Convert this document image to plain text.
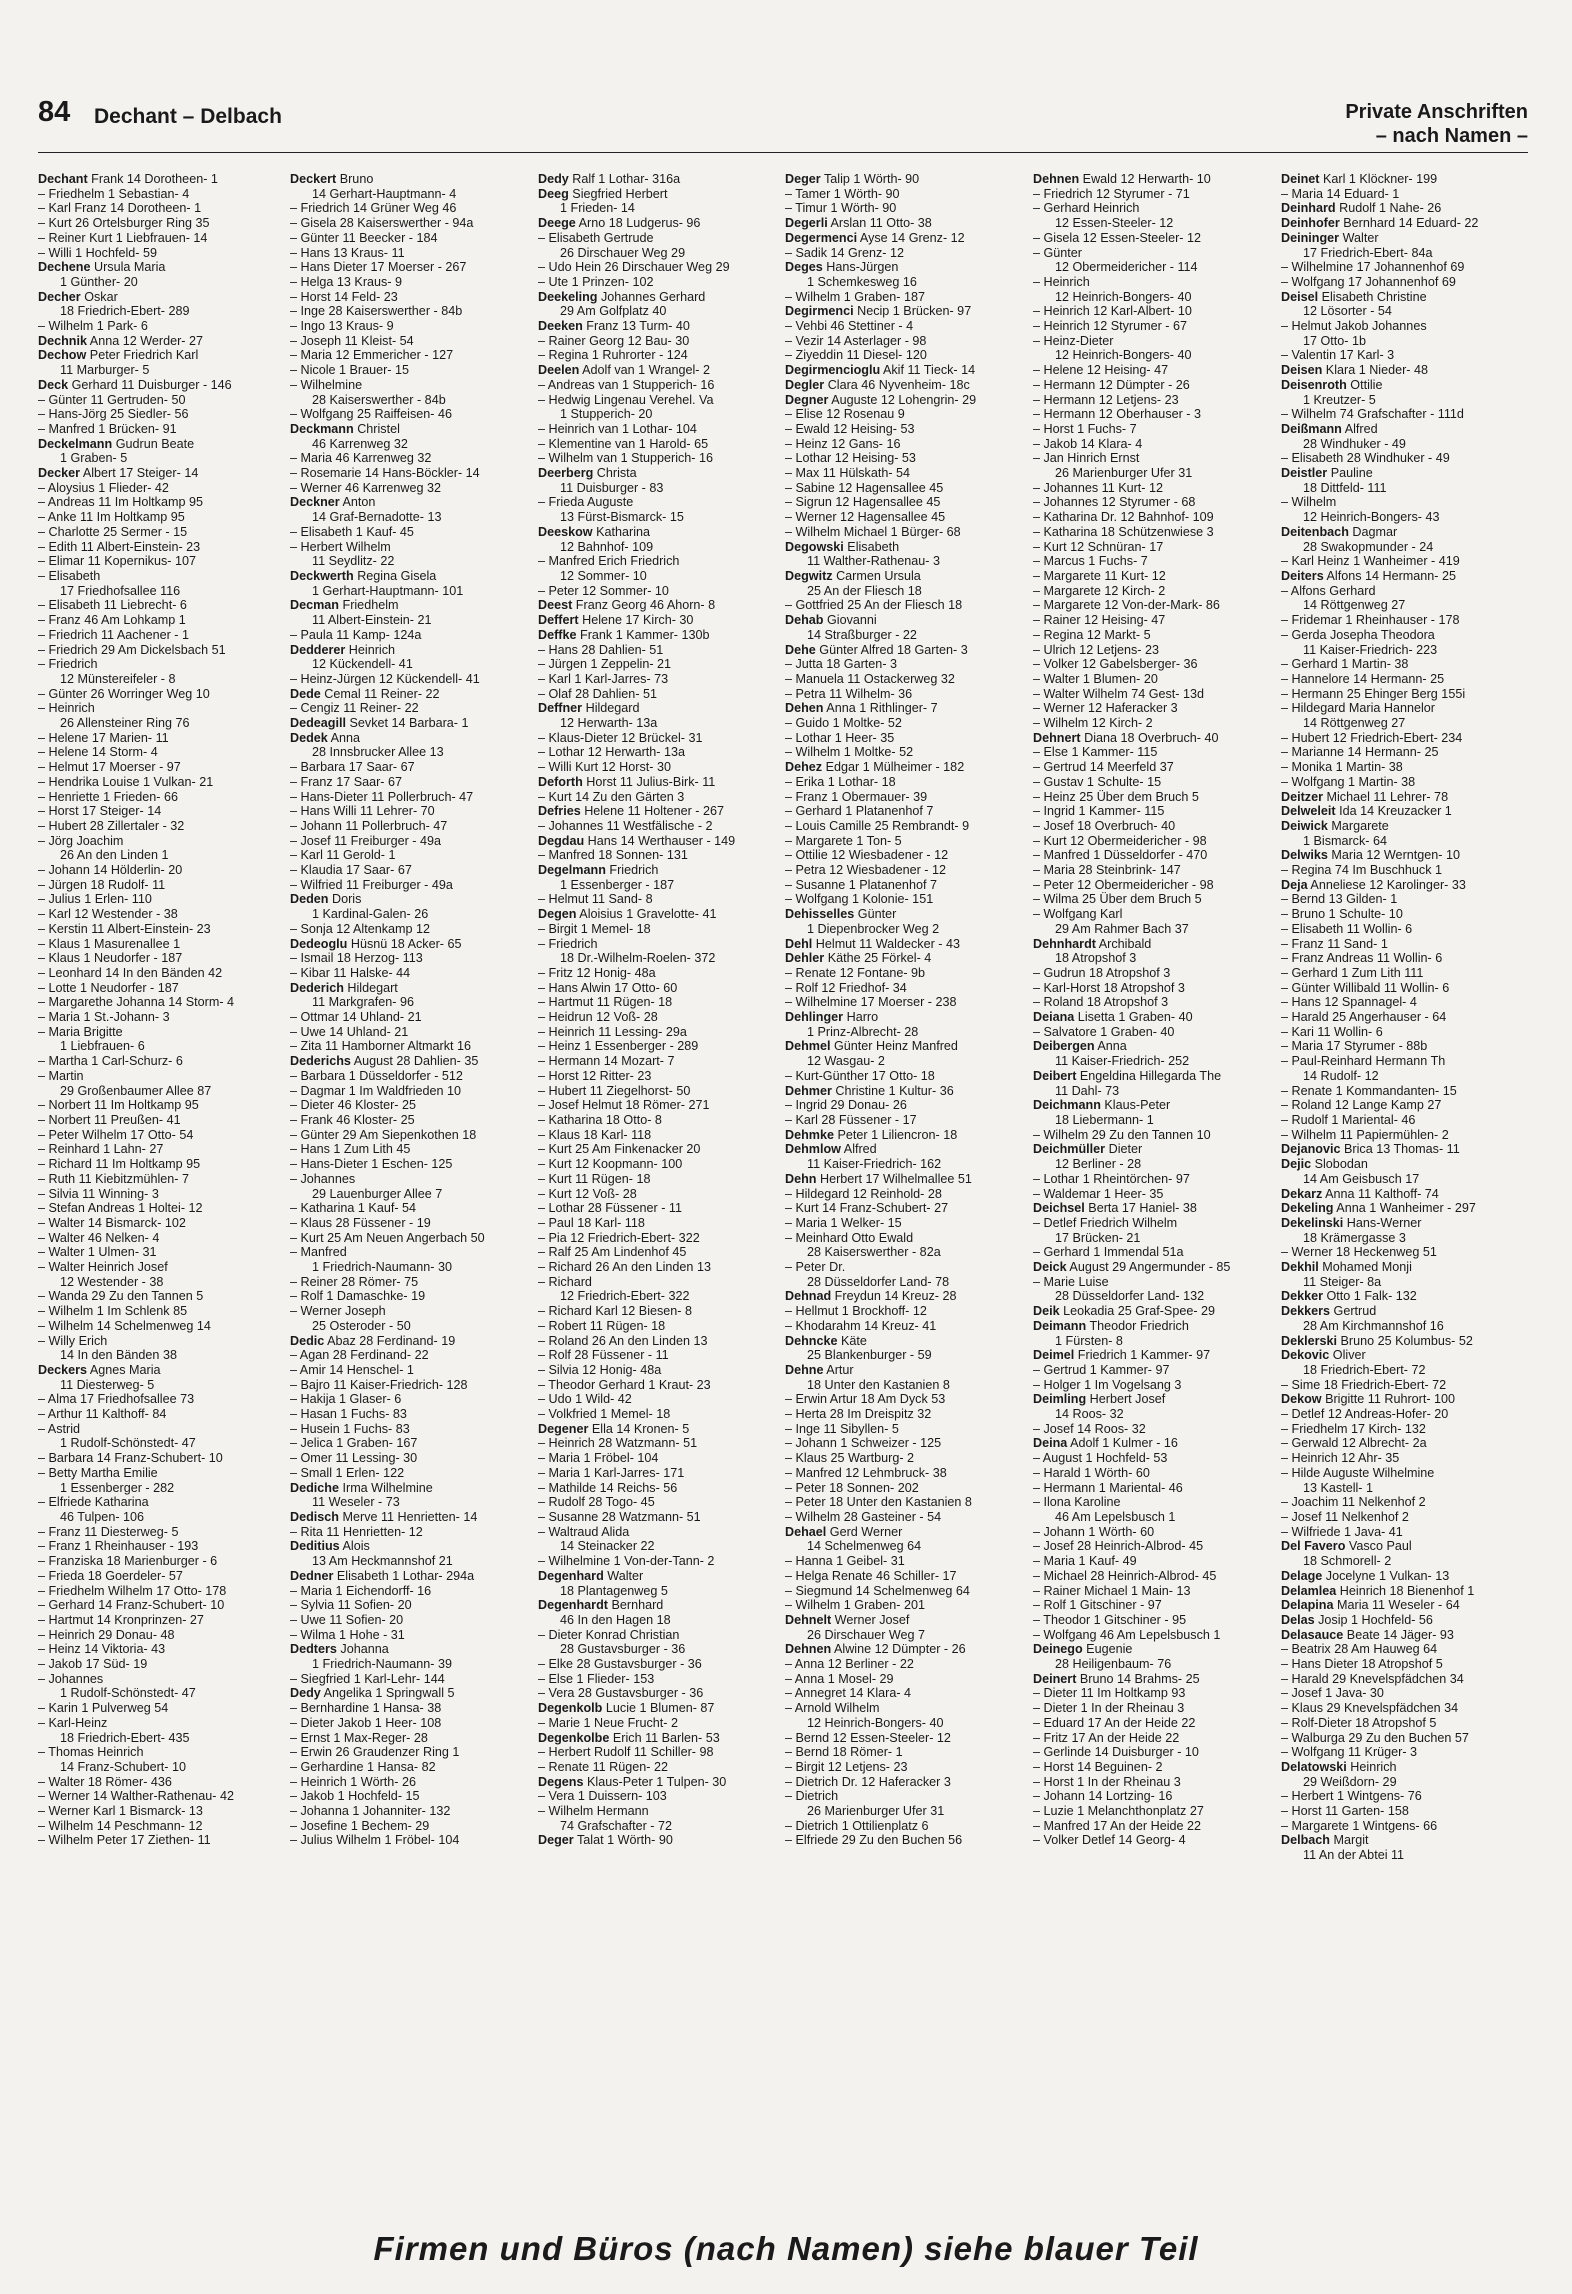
84 Dechant – Delbach	Private Anschriften
– nach Namen –
Dechant Frank 14 Dorotheen- 1
– Friedhelm 1 Sebastian- 4
– Karl Franz 14 Dorotheen- 1
– Kurt 26 Ortelsburger Ring 35
– Reiner Kurt 1 Liebfrauen- 14
– Willi 1 Hochfeld- 59
Dechene Ursula Maria
1 Günther- 20
Decher Oskar
18 Friedrich-Ebert- 289
– Wilhelm 1 Park- 6
Dechnik Anna 12 Werder- 27
Dechow Peter Friedrich Karl
11 Marburger- 5
Deck Gerhard 11 Duisburger - 146
– Günter 11 Gertruden- 50
– Hans-Jörg 25 Siedler- 56
– Manfred 1 Brücken- 91
Deckelmann Gudrun Beate
1 Graben- 5
Decker Albert 17 Steiger- 14
– Aloysius 1 Flieder- 42
– Andreas 11 Im Holtkamp 95
– Anke 11 Im Holtkamp 95
– Charlotte 25 Sermer - 15
– Edith 11 Albert-Einstein- 23
– Elimar 11 Kopernikus- 107
– Elisabeth
17 Friedhofsallee 116
– Elisabeth 11 Liebrecht- 6
– Franz 46 Am Lohkamp 1
– Friedrich 11 Aachener - 1
– Friedrich 29 Am Dickelsbach 51
– Friedrich
12 Münstereifeler - 8
– Günter 26 Worringer Weg 10
– Heinrich
26 Allensteiner Ring 76
– Helene 17 Marien- 11
– Helene 14 Storm- 4
– Helmut 17 Moerser - 97
– Hendrika Louise 1 Vulkan- 21
– Henriette 1 Frieden- 66
– Horst 17 Steiger- 14
– Hubert 28 Zillertaler - 32
– Jörg Joachim
26 An den Linden 1
– Johann 14 Hölderlin- 20
– Jürgen 18 Rudolf- 11
– Julius 1 Erlen- 110
– Karl 12 Westender - 38
– Kerstin 11 Albert-Einstein- 23
– Klaus 1 Masurenallee 1
– Klaus 1 Neudorfer - 187
– Leonhard 14 In den Bänden 42
– Lotte 1 Neudorfer - 187
– Margarethe Johanna 14 Storm- 4
– Maria 1 St.-Johann- 3
– Maria Brigitte
1 Liebfrauen- 6
– Martha 1 Carl-Schurz- 6
– Martin
29 Großenbaumer Allee 87
– Norbert 11 Im Holtkamp 95
– Norbert 11 Preußen- 41
– Peter Wilhelm 17 Otto- 54
– Reinhard 1 Lahn- 27
– Richard 11 Im Holtkamp 95
– Ruth 11 Kiebitzmühlen- 7
– Silvia 11 Winning- 3
– Stefan Andreas 1 Holtei- 12
– Walter 14 Bismarck- 102
– Walter 46 Nelken- 4
– Walter 1 Ulmen- 31
– Walter Heinrich Josef
12 Westender - 38
– Wanda 29 Zu den Tannen 5
– Wilhelm 1 Im Schlenk 85
– Wilhelm 14 Schelmenweg 14
– Willy Erich
14 In den Bänden 38
Deckers Agnes Maria
11 Diesterweg- 5
– Alma 17 Friedhofsallee 73
– Arthur 11 Kalthoff- 84
– Astrid
1 Rudolf-Schönstedt- 47
– Barbara 14 Franz-Schubert- 10
– Betty Martha Emilie
1 Essenberger - 282
– Elfriede Katharina
46 Tulpen- 106
– Franz 11 Diesterweg- 5
– Franz 1 Rheinhauser - 193
– Franziska 18 Marienburger - 6
– Frieda 18 Goerdeler- 57
– Friedhelm Wilhelm 17 Otto- 178
– Gerhard 14 Franz-Schubert- 10
– Hartmut 14 Kronprinzen- 27
– Heinrich 29 Donau- 48
– Heinz 14 Viktoria- 43
– Jakob 17 Süd- 19
– Johannes
1 Rudolf-Schönstedt- 47
– Karin 1 Pulverweg 54
– Karl-Heinz
18 Friedrich-Ebert- 435
– Thomas Heinrich
14 Franz-Schubert- 10
– Walter 18 Römer- 436
– Werner 14 Walther-Rathenau- 42
– Werner Karl 1 Bismarck- 13
– Wilhelm 14 Peschmann- 12
– Wilhelm Peter 17 Ziethen- 11
Deckert Bruno
14 Gerhart-Hauptmann- 4
– Friedrich 14 Grüner Weg 46
– Gisela 28 Kaiserswerther - 94a
– Günter 11 Beecker - 184
– Hans 13 Kraus- 11
– Hans Dieter 17 Moerser - 267
– Helga 13 Kraus- 9
– Horst 14 Feld- 23
– Inge 28 Kaiserswerther - 84b
– Ingo 13 Kraus- 9
– Joseph 11 Kleist- 54
– Maria 12 Emmericher - 127
– Nicole 1 Brauer- 15
– Wilhelmine
28 Kaiserswerther - 84b
– Wolfgang 25 Raiffeisen- 46
Deckmann Christel
46 Karrenweg 32
– Maria 46 Karrenweg 32
– Rosemarie 14 Hans-Böckler- 14
– Werner 46 Karrenweg 32
Deckner Anton
14 Graf-Bernadotte- 13
– Elisabeth 1 Kauf- 45
– Herbert Wilhelm
11 Seydlitz- 22
Deckwerth Regina Gisela
1 Gerhart-Hauptmann- 101
Decman Friedhelm
11 Albert-Einstein- 21
– Paula 11 Kamp- 124a
Dedderer Heinrich
12 Kückendell- 41
– Heinz-Jürgen 12 Kückendell- 41
Dede Cemal 11 Reiner- 22
– Cengiz 11 Reiner- 22
Dedeagill Sevket 14 Barbara- 1
Dedek Anna
28 Innsbrucker Allee 13
– Barbara 17 Saar- 67
– Franz 17 Saar- 67
– Hans-Dieter 11 Pollerbruch- 47
– Hans Willi 11 Lehrer- 70
– Johann 11 Pollerbruch- 47
– Josef 11 Freiburger - 49a
– Karl 11 Gerold- 1
– Klaudia 17 Saar- 67
– Wilfried 11 Freiburger - 49a
Deden Doris
1 Kardinal-Galen- 26
– Sonja 12 Altenkamp 12
Dedeoglu Hüsnü 18 Acker- 65
– Ismail 18 Herzog- 113
– Kibar 11 Halske- 44
Dederich Hildegart
11 Markgrafen- 96
– Ottmar 14 Uhland- 21
– Uwe 14 Uhland- 21
– Zita 11 Hamborner Altmarkt 16
Dederichs August 28 Dahlien- 35
– Barbara 1 Düsseldorfer - 512
– Dagmar 1 Im Waldfrieden 10
– Dieter 46 Kloster- 25
– Frank 46 Kloster- 25
– Günter 29 Am Siepenkothen 18
– Hans 1 Zum Lith 45
– Hans-Dieter 1 Eschen- 125
– Johannes
29 Lauenburger Allee 7
– Katharina 1 Kauf- 54
– Klaus 28 Füssener - 19
– Kurt 25 Am Neuen Angerbach 50
– Manfred
1 Friedrich-Naumann- 30
– Reiner 28 Römer- 75
– Rolf 1 Damaschke- 19
– Werner Joseph
25 Osteroder - 50
Dedic Abaz 28 Ferdinand- 19
– Agan 28 Ferdinand- 22
– Amir 14 Henschel- 1
– Bajro 11 Kaiser-Friedrich- 128
– Hakija 1 Glaser- 6
– Hasan 1 Fuchs- 83
– Husein 1 Fuchs- 83
– Jelica 1 Graben- 167
– Omer 11 Lessing- 30
– Small 1 Erlen- 122
Dediche Irma Wilhelmine
11 Weseler - 73
Dedisch Merve 11 Henrietten- 14
– Rita 11 Henrietten- 12
Deditius Alois
13 Am Heckmannshof 21
Dedner Elisabeth 1 Lothar- 294a
– Maria 1 Eichendorff- 16
– Sylvia 11 Sofien- 20
– Uwe 11 Sofien- 20
– Wilma 1 Hohe - 31
Dedters Johanna
1 Friedrich-Naumann- 39
– Siegfried 1 Karl-Lehr- 144
Dedy Angelika 1 Springwall 5
– Bernhardine 1 Hansa- 38
– Dieter Jakob 1 Heer- 108
– Ernst 1 Max-Reger- 28
– Erwin 26 Graudenzer Ring 1
– Gerhardine 1 Hansa- 82
– Heinrich 1 Wörth- 26
– Jakob 1 Hochfeld- 15
– Johanna 1 Johanniter- 132
– Josefine 1 Bechem- 29
– Julius Wilhelm 1 Fröbel- 104
Dedy Ralf 1 Lothar- 316a
Deeg Siegfried Herbert
1 Frieden- 14
Deege Arno 18 Ludgerus- 96
– Elisabeth Gertrude
26 Dirschauer Weg 29
– Udo Hein 26 Dirschauer Weg 29
– Ute 1 Prinzen- 102
Deekeling Johannes Gerhard
29 Am Golfplatz 40
Deeken Franz 13 Turm- 40
– Rainer Georg 12 Bau- 30
– Regina 1 Ruhrorter - 124
Deelen Adolf van 1 Wrangel- 2
– Andreas van 1 Stupperich- 16
– Hedwig Lingenau Verehel. Va
1 Stupperich- 20
– Heinrich van 1 Lothar- 104
– Klementine van 1 Harold- 65
– Wilhelm van 1 Stupperich- 16
Deerberg Christa
11 Duisburger - 83
– Frieda Auguste
13 Fürst-Bismarck- 15
Deeskow Katharina
12 Bahnhof- 109
– Manfred Erich Friedrich
12 Sommer- 10
– Peter 12 Sommer- 10
Deest Franz Georg 46 Ahorn- 8
Deffert Helene 17 Kirch- 30
Deffke Frank 1 Kammer- 130b
– Hans 28 Dahlien- 51
– Jürgen 1 Zeppelin- 21
– Karl 1 Karl-Jarres- 73
– Olaf 28 Dahlien- 51
Deffner Hildegard
12 Herwarth- 13a
– Klaus-Dieter 12 Brückel- 31
– Lothar 12 Herwarth- 13a
– Willi Kurt 12 Horst- 30
Deforth Horst 11 Julius-Birk- 11
– Kurt 14 Zu den Gärten 3
Defries Helene 11 Holtener - 267
– Johannes 11 Westfälische - 2
Degdau Hans 14 Werthauser - 149
– Manfred 18 Sonnen- 131
Degelmann Friedrich
1 Essenberger - 187
– Helmut 11 Sand- 8
Degen Aloisius 1 Gravelotte- 41
– Birgit 1 Memel- 18
– Friedrich
18 Dr.-Wilhelm-Roelen- 372
– Fritz 12 Honig- 48a
– Hans Alwin 17 Otto- 60
– Hartmut 11 Rügen- 18
– Heidrun 12 Voß- 28
– Heinrich 11 Lessing- 29a
– Heinz 1 Essenberger - 289
– Hermann 14 Mozart- 7
– Horst 12 Ritter- 23
– Hubert 11 Ziegelhorst- 50
– Josef Helmut 18 Römer- 271
– Katharina 18 Otto- 8
– Klaus 18 Karl- 118
– Kurt 25 Am Finkenacker 20
– Kurt 12 Koopmann- 100
– Kurt 11 Rügen- 18
– Kurt 12 Voß- 28
– Lothar 28 Füssener - 11
– Paul 18 Karl- 118
– Pia 12 Friedrich-Ebert- 322
– Ralf 25 Am Lindenhof 45
– Richard 26 An den Linden 13
– Richard
12 Friedrich-Ebert- 322
– Richard Karl 12 Biesen- 8
– Robert 11 Rügen- 18
– Roland 26 An den Linden 13
– Rolf 28 Füssener - 11
– Silvia 12 Honig- 48a
– Theodor Gerhard 1 Kraut- 23
– Udo 1 Wild- 42
– Volkfried 1 Memel- 18
Degener Ella 14 Kronen- 5
– Heinrich 28 Watzmann- 51
– Maria 1 Fröbel- 104
– Maria 1 Karl-Jarres- 171
– Mathilde 14 Reichs- 56
– Rudolf 28 Togo- 45
– Susanne 28 Watzmann- 51
– Waltraud Alida
14 Steinacker 22
– Wilhelmine 1 Von-der-Tann- 2
Degenhard Walter
18 Plantagenweg 5
Degenhardt Bernhard
46 In den Hagen 18
– Dieter Konrad Christian
28 Gustavsburger - 36
– Elke 28 Gustavsburger - 36
– Else 1 Flieder- 153
– Vera 28 Gustavsburger - 36
Degenkolb Lucie 1 Blumen- 87
– Marie 1 Neue Frucht- 2
Degenkolbe Erich 11 Barlen- 53
– Herbert Rudolf 11 Schiller- 98
– Renate 11 Rügen- 22
Degens Klaus-Peter 1 Tulpen- 30
– Vera 1 Duissern- 103
– Wilhelm Hermann
74 Grafschafter - 72
Deger Talat 1 Wörth- 90
Deger Talip 1 Wörth- 90
– Tamer 1 Wörth- 90
– Timur 1 Wörth- 90
Degerli Arslan 11 Otto- 38
Degermenci Ayse 14 Grenz- 12
– Sadik 14 Grenz- 12
Deges Hans-Jürgen
1 Schemkesweg 16
– Wilhelm 1 Graben- 187
Degirmenci Necip 1 Brücken- 97
– Vehbi 46 Stettiner - 4
– Vezir 14 Asterlager - 98
– Ziyeddin 11 Diesel- 120
Degirmencioglu Akif 11 Tieck- 14
Degler Clara 46 Nyvenheim- 18c
Degner Auguste 12 Lohengrin- 29
– Elise 12 Rosenau 9
– Ewald 12 Heising- 53
– Heinz 12 Gans- 16
– Lothar 12 Heising- 53
– Max 11 Hülskath- 54
– Sabine 12 Hagensallee 45
– Sigrun 12 Hagensallee 45
– Werner 12 Hagensallee 45
– Wilhelm Michael 1 Bürger- 68
Degowski Elisabeth
11 Walther-Rathenau- 3
Degwitz Carmen Ursula
25 An der Fliesch 18
– Gottfried 25 An der Fliesch 18
Dehab Giovanni
14 Straßburger - 22
Dehe Günter Alfred 18 Garten- 3
– Jutta 18 Garten- 3
– Manuela 11 Ostackerweg 32
– Petra 11 Wilhelm- 36
Dehen Anna 1 Rithlinger- 7
– Guido 1 Moltke- 52
– Lothar 1 Heer- 35
– Wilhelm 1 Moltke- 52
Dehez Edgar 1 Mülheimer - 182
– Erika 1 Lothar- 18
– Franz 1 Obermauer- 39
– Gerhard 1 Platanenhof 7
– Louis Camille 25 Rembrandt- 9
– Margarete 1 Ton- 5
– Ottilie 12 Wiesbadener - 12
– Petra 12 Wiesbadener - 12
– Susanne 1 Platanenhof 7
– Wolfgang 1 Kolonie- 151
Dehisselles Günter
1 Diepenbrocker Weg 2
Dehl Helmut 11 Waldecker - 43
Dehler Käthe 25 Förkel- 4
– Renate 12 Fontane- 9b
– Rolf 12 Friedhof- 34
– Wilhelmine 17 Moerser - 238
Dehlinger Harro
1 Prinz-Albrecht- 28
Dehmel Günter Heinz Manfred
12 Wasgau- 2
– Kurt-Günther 17 Otto- 18
Dehmer Christine 1 Kultur- 36
– Ingrid 29 Donau- 26
– Karl 28 Füssener - 17
Dehmke Peter 1 Liliencron- 18
Dehmlow Alfred
11 Kaiser-Friedrich- 162
Dehn Herbert 17 Wilhelmallee 51
– Hildegard 12 Reinhold- 28
– Kurt 14 Franz-Schubert- 27
– Maria 1 Welker- 15
– Meinhard Otto Ewald
28 Kaiserswerther - 82a
– Peter Dr.
28 Düsseldorfer Land- 78
Dehnad Freydun 14 Kreuz- 28
– Hellmut 1 Brockhoff- 12
– Khodarahm 14 Kreuz- 41
Dehncke Käte
25 Blankenburger - 59
Dehne Artur
18 Unter den Kastanien 8
– Erwin Artur 18 Am Dyck 53
– Herta 28 Im Dreispitz 32
– Inge 11 Sibyllen- 5
– Johann 1 Schweizer - 125
– Klaus 25 Wartburg- 2
– Manfred 12 Lehmbruck- 38
– Peter 18 Sonnen- 202
– Peter 18 Unter den Kastanien 8
– Wilhelm 28 Gasteiner - 54
Dehael Gerd Werner
14 Schelmenweg 64
– Hanna 1 Geibel- 31
– Helga Renate 46 Schiller- 17
– Siegmund 14 Schelmenweg 64
– Wilhelm 1 Graben- 201
Dehnelt Werner Josef
26 Dirschauer Weg 7
Dehnen Alwine 12 Dümpter - 26
– Anna 12 Berliner - 22
– Anna 1 Mosel- 29
– Annegret 14 Klara- 4
– Arnold Wilhelm
12 Heinrich-Bongers- 40
– Bernd 12 Essen-Steeler- 12
– Bernd 18 Römer- 1
– Birgit 12 Letjens- 23
– Dietrich Dr. 12 Haferacker 3
– Dietrich
26 Marienburger Ufer 31
– Dietrich 1 Ottilienplatz 6
– Elfriede 29 Zu den Buchen 56
Dehnen Ewald 12 Herwarth- 10
– Friedrich 12 Styrumer - 71
– Gerhard Heinrich
12 Essen-Steeler- 12
– Gisela 12 Essen-Steeler- 12
– Günter
12 Obermeidericher - 114
– Heinrich
12 Heinrich-Bongers- 40
– Heinrich 12 Karl-Albert- 10
– Heinrich 12 Styrumer - 67
– Heinz-Dieter
12 Heinrich-Bongers- 40
– Helene 12 Heising- 47
– Hermann 12 Dümpter - 26
– Hermann 12 Letjens- 23
– Hermann 12 Oberhauser - 3
– Horst 1 Fuchs- 7
– Jakob 14 Klara- 4
– Jan Hinrich Ernst
26 Marienburger Ufer 31
– Johannes 11 Kurt- 12
– Johannes 12 Styrumer - 68
– Katharina Dr. 12 Bahnhof- 109
– Katharina 18 Schützenwiese 3
– Kurt 12 Schnüran- 17
– Marcus 1 Fuchs- 7
– Margarete 11 Kurt- 12
– Margarete 12 Kirch- 2
– Margarete 12 Von-der-Mark- 86
– Rainer 12 Heising- 47
– Regina 12 Markt- 5
– Ulrich 12 Letjens- 23
– Volker 12 Gabelsberger- 36
– Walter 1 Blumen- 20
– Walter Wilhelm 74 Gest- 13d
– Werner 12 Haferacker 3
– Wilhelm 12 Kirch- 2
Dehnert Diana 18 Overbruch- 40
– Else 1 Kammer- 115
– Gertrud 14 Meerfeld 37
– Gustav 1 Schulte- 15
– Heinz 25 Über dem Bruch 5
– Ingrid 1 Kammer- 115
– Josef 18 Overbruch- 40
– Kurt 12 Obermeidericher - 98
– Manfred 1 Düsseldorfer - 470
– Maria 28 Steinbrink- 147
– Peter 12 Obermeidericher - 98
– Wilma 25 Über dem Bruch 5
– Wolfgang Karl
29 Am Rahmer Bach 37
Dehnhardt Archibald
18 Atropshof 3
– Gudrun 18 Atropshof 3
– Karl-Horst 18 Atropshof 3
– Roland 18 Atropshof 3
Deiana Lisetta 1 Graben- 40
– Salvatore 1 Graben- 40
Deibergen Anna
11 Kaiser-Friedrich- 252
Deibert Engeldina Hillegarda The
11 Dahl- 73
Deichmann Klaus-Peter
18 Liebermann- 1
– Wilhelm 29 Zu den Tannen 10
Deichmüller Dieter
12 Berliner - 28
– Lothar 1 Rheintörchen- 97
– Waldemar 1 Heer- 35
Deichsel Berta 17 Haniel- 38
– Detlef Friedrich Wilhelm
17 Brücken- 21
– Gerhard 1 Immendal 51a
Deick August 29 Angermunder - 85
– Marie Luise
28 Düsseldorfer Land- 132
Deik Leokadia 25 Graf-Spee- 29
Deimann Theodor Friedrich
1 Fürsten- 8
Deimel Friedrich 1 Kammer- 97
– Gertrud 1 Kammer- 97
– Holger 1 Im Vogelsang 3
Deimling Herbert Josef
14 Roos- 32
– Josef 14 Roos- 32
Deina Adolf 1 Kulmer - 16
– August 1 Hochfeld- 53
– Harald 1 Wörth- 60
– Hermann 1 Mariental- 46
– Ilona Karoline
46 Am Lepelsbusch 1
– Johann 1 Wörth- 60
– Josef 28 Heinrich-Albrod- 45
– Maria 1 Kauf- 49
– Michael 28 Heinrich-Albrod- 45
– Rainer Michael 1 Main- 13
– Rolf 1 Gitschiner - 97
– Theodor 1 Gitschiner - 95
– Wolfgang 46 Am Lepelsbusch 1
Deinego Eugenie
28 Heiligenbaum- 76
Deinert Bruno 14 Brahms- 25
– Dieter 11 Im Holtkamp 93
– Dieter 1 In der Rheinau 3
– Eduard 17 An der Heide 22
– Fritz 17 An der Heide 22
– Gerlinde 14 Duisburger - 10
– Horst 14 Beguinen- 2
– Horst 1 In der Rheinau 3
– Johann 14 Lortzing- 16
– Luzie 1 Melanchthonplatz 27
– Manfred 17 An der Heide 22
– Volker Detlef 14 Georg- 4
Deinet Karl 1 Klöckner- 199
– Maria 14 Eduard- 1
Deinhard Rudolf 1 Nahe- 26
Deinhofer Bernhard 14 Eduard- 22
Deininger Walter
17 Friedrich-Ebert- 84a
– Wilhelmine 17 Johannenhof 69
– Wolfgang 17 Johannenhof 69
Deisel Elisabeth Christine
12 Lösorter - 54
– Helmut Jakob Johannes
17 Otto- 1b
– Valentin 17 Karl- 3
Deisen Klara 1 Nieder- 48
Deisenroth Ottilie
1 Kreutzer- 5
– Wilhelm 74 Grafschafter - 111d
Deißmann Alfred
28 Windhuker - 49
– Elisabeth 28 Windhuker - 49
Deistler Pauline
18 Dittfeld- 111
– Wilhelm
12 Heinrich-Bongers- 43
Deitenbach Dagmar
28 Swakopmunder - 24
– Karl Heinz 1 Wanheimer - 419
Deiters Alfons 14 Hermann- 25
– Alfons Gerhard
14 Röttgenweg 27
– Fridemar 1 Rheinhauser - 178
– Gerda Josepha Theodora
11 Kaiser-Friedrich- 223
– Gerhard 1 Martin- 38
– Hannelore 14 Hermann- 25
– Hermann 25 Ehinger Berg 155i
– Hildegard Maria Hannelor
14 Röttgenweg 27
– Hubert 12 Friedrich-Ebert- 234
– Marianne 14 Hermann- 25
– Monika 1 Martin- 38
– Wolfgang 1 Martin- 38
Deitzer Michael 11 Lehrer- 78
Delweleit Ida 14 Kreuzacker 1
Deiwick Margarete
1 Bismarck- 64
Delwiks Maria 12 Werntgen- 10
– Regina 74 Im Buschhuck 1
Deja Anneliese 12 Karolinger- 33
– Bernd 13 Gilden- 1
– Bruno 1 Schulte- 10
– Elisabeth 11 Wollin- 6
– Franz 11 Sand- 1
– Franz Andreas 11 Wollin- 6
– Gerhard 1 Zum Lith 111
– Günter Willibald 11 Wollin- 6
– Hans 12 Spannagel- 4
– Harald 25 Angerhauser - 64
– Kari 11 Wollin- 6
– Maria 17 Styrumer - 88b
– Paul-Reinhard Hermann Th
14 Rudolf- 12
– Renate 1 Kommandanten- 15
– Roland 12 Lange Kamp 27
– Rudolf 1 Mariental- 46
– Wilhelm 11 Papiermühlen- 2
Dejanovic Brica 13 Thomas- 11
Dejic Slobodan
14 Am Geisbusch 17
Dekarz Anna 11 Kalthoff- 74
Dekeling Anna 1 Wanheimer - 297
Dekelinski Hans-Werner
18 Krämergasse 3
– Werner 18 Heckenweg 51
Dekhil Mohamed Monji
11 Steiger- 8a
Dekker Otto 1 Falk- 132
Dekkers Gertrud
28 Am Kirchmannshof 16
Deklerski Bruno 25 Kolumbus- 52
Dekovic Oliver
18 Friedrich-Ebert- 72
– Sime 18 Friedrich-Ebert- 72
Dekow Brigitte 11 Ruhrort- 100
– Detlef 12 Andreas-Hofer- 20
– Friedhelm 17 Kirch- 132
– Gerwald 12 Albrecht- 2a
– Heinrich 12 Ahr- 35
– Hilde Auguste Wilhelmine
13 Kastell- 1
– Joachim 11 Nelkenhof 2
– Josef 11 Nelkenhof 2
– Wilfriede 1 Java- 41
Del Favero Vasco Paul
18 Schmorell- 2
Delage Jocelyne 1 Vulkan- 13
Delamlea Heinrich 18 Bienenhof 1
Delapina Maria 11 Weseler - 64
Delas Josip 1 Hochfeld- 56
Delasauce Beate 14 Jäger- 93
– Beatrix 28 Am Hauweg 64
– Hans Dieter 18 Atropshof 5
– Harald 29 Knevelspfädchen 34
– Josef 1 Java- 30
– Klaus 29 Knevelspfädchen 34
– Rolf-Dieter 18 Atropshof 5
– Walburga 29 Zu den Buchen 57
– Wolfgang 11 Krüger- 3
Delatowski Heinrich
29 Weißdorn- 29
– Herbert 1 Wintgens- 76
– Horst 11 Garten- 158
– Margarete 1 Wintgens- 66
Delbach Margit
11 An der Abtei 11
Firmen und Büros (nach Namen) siehe blauer Teil
